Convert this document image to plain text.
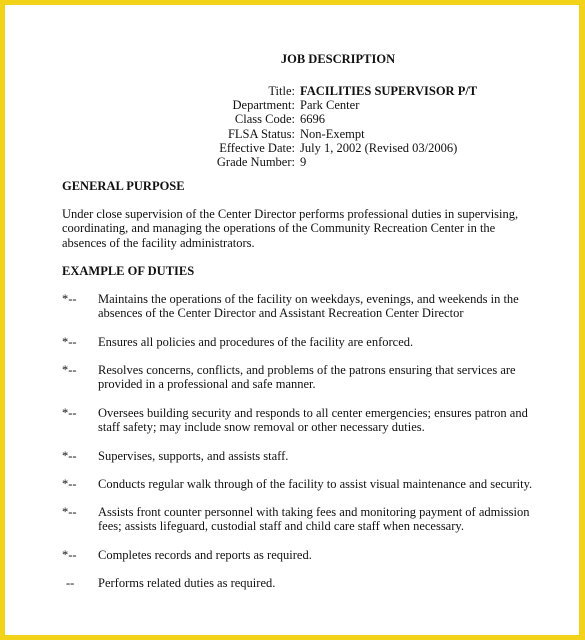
JOB DESCRIPTION
Title: FACILITIES SUPERVISOR P/T
Department: Park Center
Class Code: 6696
FLSA Status: Non-Exempt
Effective Date: July 1, 2002 (Revised 03/2006)
Grade Number: 9
GENERAL PURPOSE
Under close supervision of the Center Director performs professional duties in supervising, coordinating, and managing the operations of the Community Recreation Center in the absences of the facility administrators.
EXAMPLE OF DUTIES
*--	Maintains the operations of the facility on weekdays, evenings, and weekends in the absences of the Center Director and Assistant Recreation Center Director
*--	Ensures all policies and procedures of the facility are enforced.
*--	Resolves concerns, conflicts, and problems of the patrons ensuring that services are provided in a professional and safe manner.
*--	Oversees building security and responds to all center emergencies; ensures patron and staff safety; may include snow removal or other necessary duties.
*--	Supervises, supports, and assists staff.
*--	Conducts regular walk through of the facility to assist visual maintenance and security.
*--	Assists front counter personnel with taking fees and monitoring payment of admission fees; assists lifeguard, custodial staff and child care staff when necessary.
*--	Completes records and reports as required.
--	Performs related duties as required.
